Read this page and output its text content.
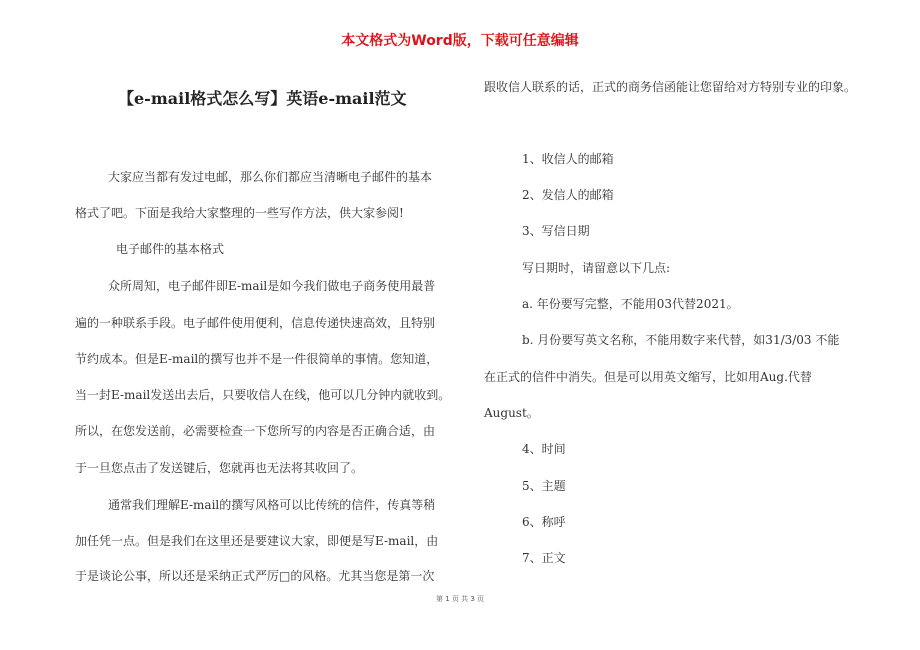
本文格式为Word版，下载可任意编辑
【e-mail格式怎么写】英语e-mail范文
大家应当都有发过电邮，那么你们都应当清晰电子邮件的基本
格式了吧。下面是我给大家整理的一些写作方法，供大家参阅!
电子邮件的基本格式
众所周知，电子邮件即E-mail是如今我们做电子商务使用最普
遍的一种联系手段。电子邮件使用便利，信息传递快速高效，且特别
节约成本。但是E-mail的撰写也并不是一件很简单的事情。您知道，
当一封E-mail发送出去后，只要收信人在线，他可以几分钟内就收到。
所以，在您发送前，必需要检查一下您所写的内容是否正确合适，由
于一旦您点击了发送键后，您就再也无法将其收回了。
通常我们理解E-mail的撰写风格可以比传统的信件，传真等稍
加任凭一点。但是我们在这里还是要建议大家，即便是写E-mail，由
于是谈论公事，所以还是采纳正式严厉□的风格。尤其当您是第一次
跟收信人联系的话，正式的商务信函能让您留给对方特别专业的印象。
1、收信人的邮箱
2、发信人的邮箱
3、写信日期
写日期时，请留意以下几点:
a. 年份要写完整，不能用03代替2021。
b. 月份要写英文名称，不能用数字来代替，如31/3/03 不能
在正式的信件中消失。但是可以用英文缩写，比如用Aug.代替
August。
4、时间
5、主题
6、称呼
7、正文
第 1 页 共 3 页
